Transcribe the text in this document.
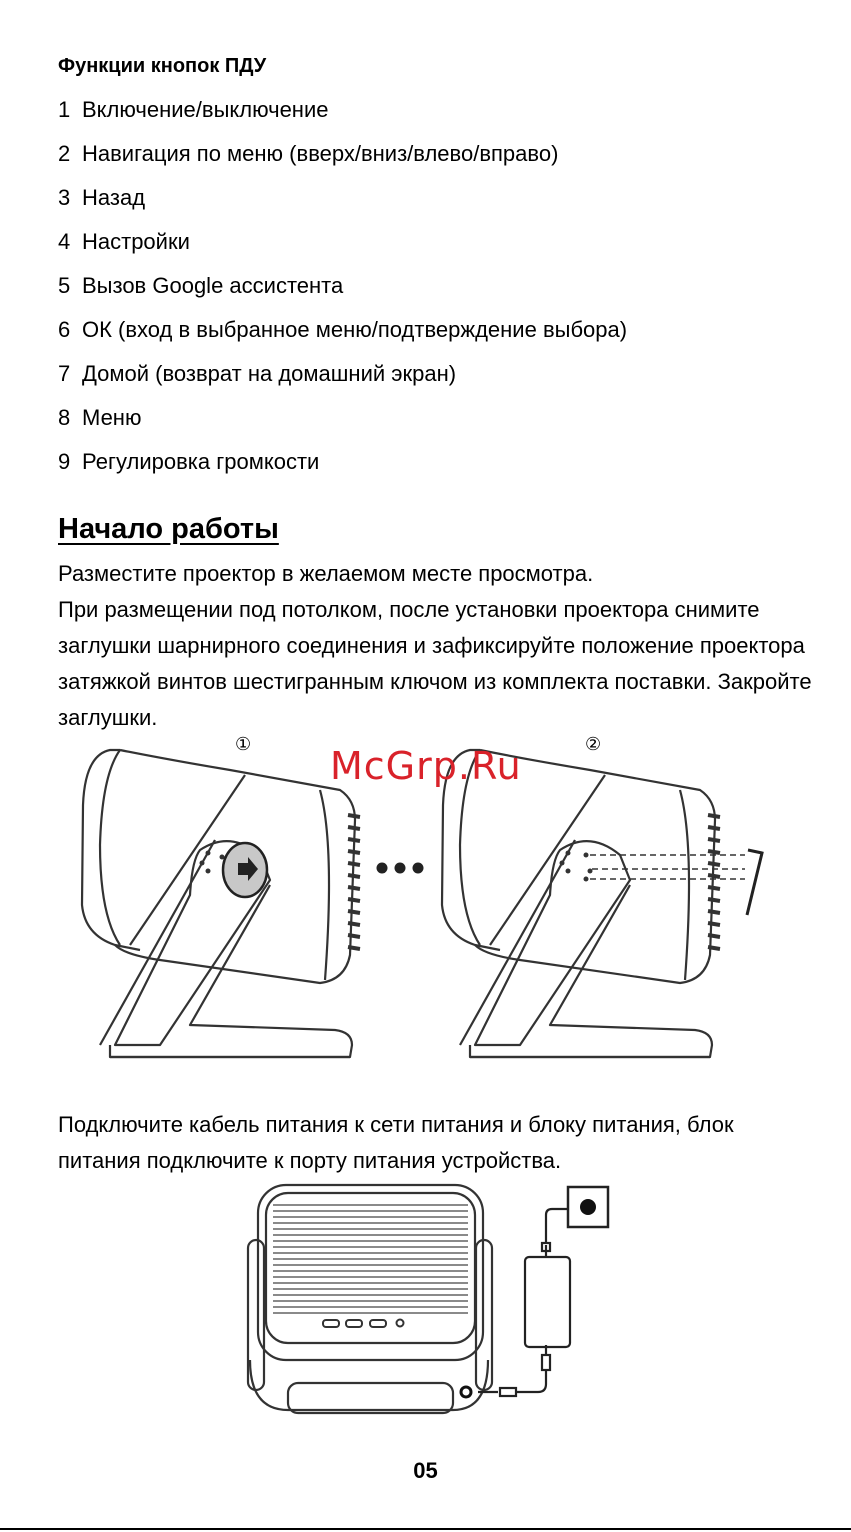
Функции кнопок ПДУ
1 Включение/выключение
2 Навигация по меню (вверх/вниз/влево/вправо)
3 Назад
4 Настройки
5 Вызов Google ассистента
6 ОК (вход в выбранное меню/подтверждение выбора)
7 Домой (возврат на домашний экран)
8 Меню
9 Регулировка громкости
Начало работы
Разместите проектор в желаемом месте просмотра.
При размещении под потолком, после установки проектора снимите заглушки шарнирного соединения и зафиксируйте положение проектора затяжкой винтов шестигранным ключом из комплекта поставки. Закройте заглушки.
①	②
McGrp.Ru
Подключите кабель питания к сети питания и блоку питания, блок питания подключите к порту питания устройства.
05
